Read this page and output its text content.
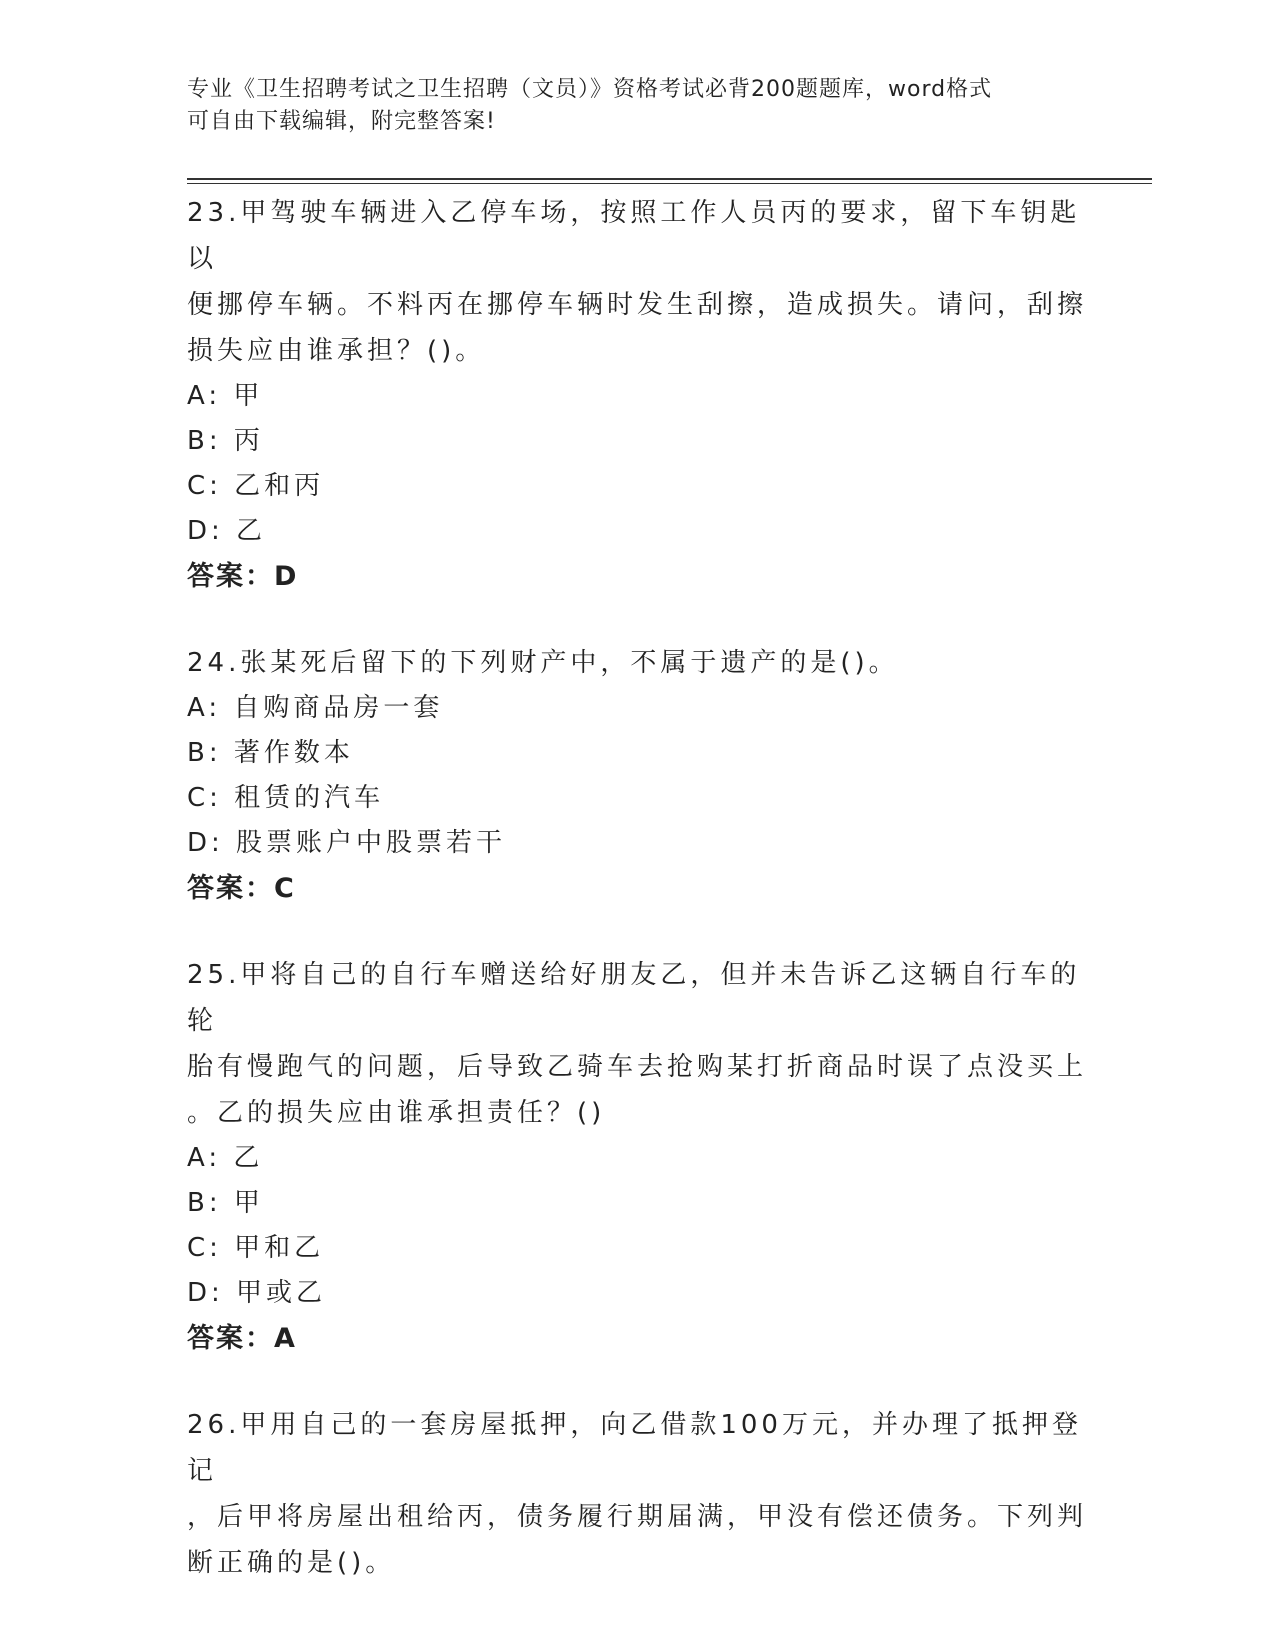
专业《卫生招聘考试之卫生招聘（文员）》资格考试必背200题题库，word格式
可自由下载编辑，附完整答案!
23.甲驾驶车辆进入乙停车场，按照工作人员丙的要求，留下车钥匙以
便挪停车辆。不料丙在挪停车辆时发生刮擦，造成损失。请问，刮擦
损失应由谁承担？()。
A: 甲
B: 丙
C: 乙和丙
D: 乙
答案：D
24.张某死后留下的下列财产中，不属于遗产的是()。
A: 自购商品房一套
B: 著作数本
C: 租赁的汽车
D: 股票账户中股票若干
答案：C
25.甲将自己的自行车赠送给好朋友乙，但并未告诉乙这辆自行车的轮
胎有慢跑气的问题，后导致乙骑车去抢购某打折商品时误了点没买上
。乙的损失应由谁承担责任？()
A: 乙
B: 甲
C: 甲和乙
D: 甲或乙
答案：A
26.甲用自己的一套房屋抵押，向乙借款100万元，并办理了抵押登记
，后甲将房屋出租给丙，债务履行期届满，甲没有偿还债务。下列判
断正确的是()。
